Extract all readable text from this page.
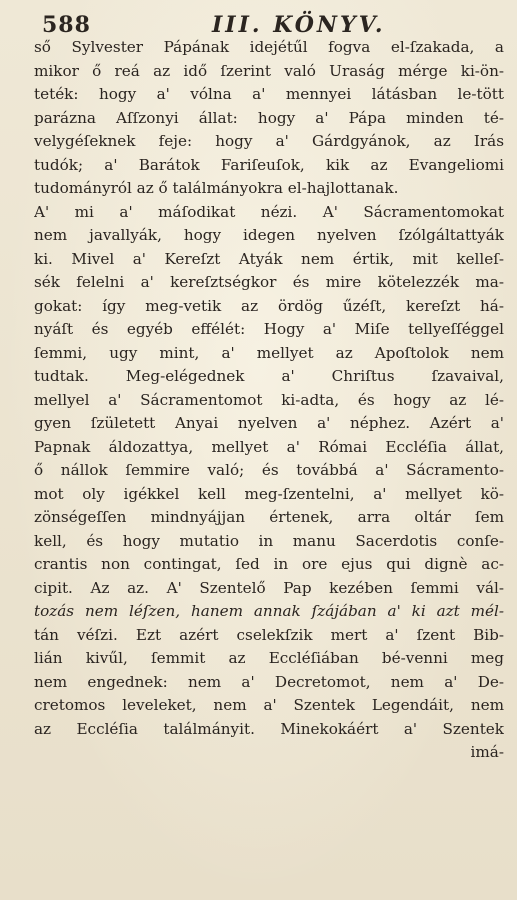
588	III. KÖNYV.
ső Sylvester Pápának idejétűl fogva el-ſzakada, a
mikor ő reá az idő ſzerint való Uraság mérge ki-ön-
teték: hogy a' vólna a' mennyei látásban le-tött
parázna Aſſzonyi állat: hogy a' Pápa minden té-
velygéſeknek feje: hogy a' Gárdgyánok, az Irás
tudók; a' Barátok Fariſeuſok, kik az Evangeliomi
tudományról az ő találmányokra el-hajlottanak.
A' mi a' máſodikat nézi. A' Sácramentomokat
nem javallyák, hogy idegen nyelven ſzólgáltattyák
ki. Mivel a' Kereſzt Atyák nem értik, mit kelleſ-
sék felelni a' kereſztségkor és mire kötelezzék ma-
gokat: így meg-vetik az ördög űzéſt, kereſzt há-
nyáſt és egyéb effélét: Hogy a' Miſe tellyeſſéggel
ſemmi, ugy mint, a' mellyet az Apoſtolok nem
tudtak. Meg-elégednek a' Chriſtus ſzavaival,
mellyel a' Sácramentomot ki-adta, és hogy az lé-
gyen ſzületett Anyai nyelven a' néphez. Azért a'
Papnak áldozattya, mellyet a' Római Eccléſia állat,
ő nállok ſemmire való; és továbbá a' Sácramento-
mot oly igékkel kell meg-ſzentelni, a' mellyet kö-
zönségeſſen mindnyájjan értenek, arra oltár ſem
kell, és hogy mutatio in manu Sacerdotis conſe-
crantis non contingat, ſed in ore ejus qui dignè ac-
cipit. Az az. A' Szentelő Pap kezében ſemmi vál-
tozás nem léſzen, hanem annak ſzájában a' ki azt mél-
tán véſzi. Ezt azért cselekſzik mert a' ſzent Bib-
lián kivűl, ſemmit az Eccléſiában bé-venni meg
nem engednek: nem a' Decretomot, nem a' De-
cretomos leveleket, nem a' Szentek Legendáit, nem
az Eccléſia találmányit. Minekokáért a' Szentek
imá-
